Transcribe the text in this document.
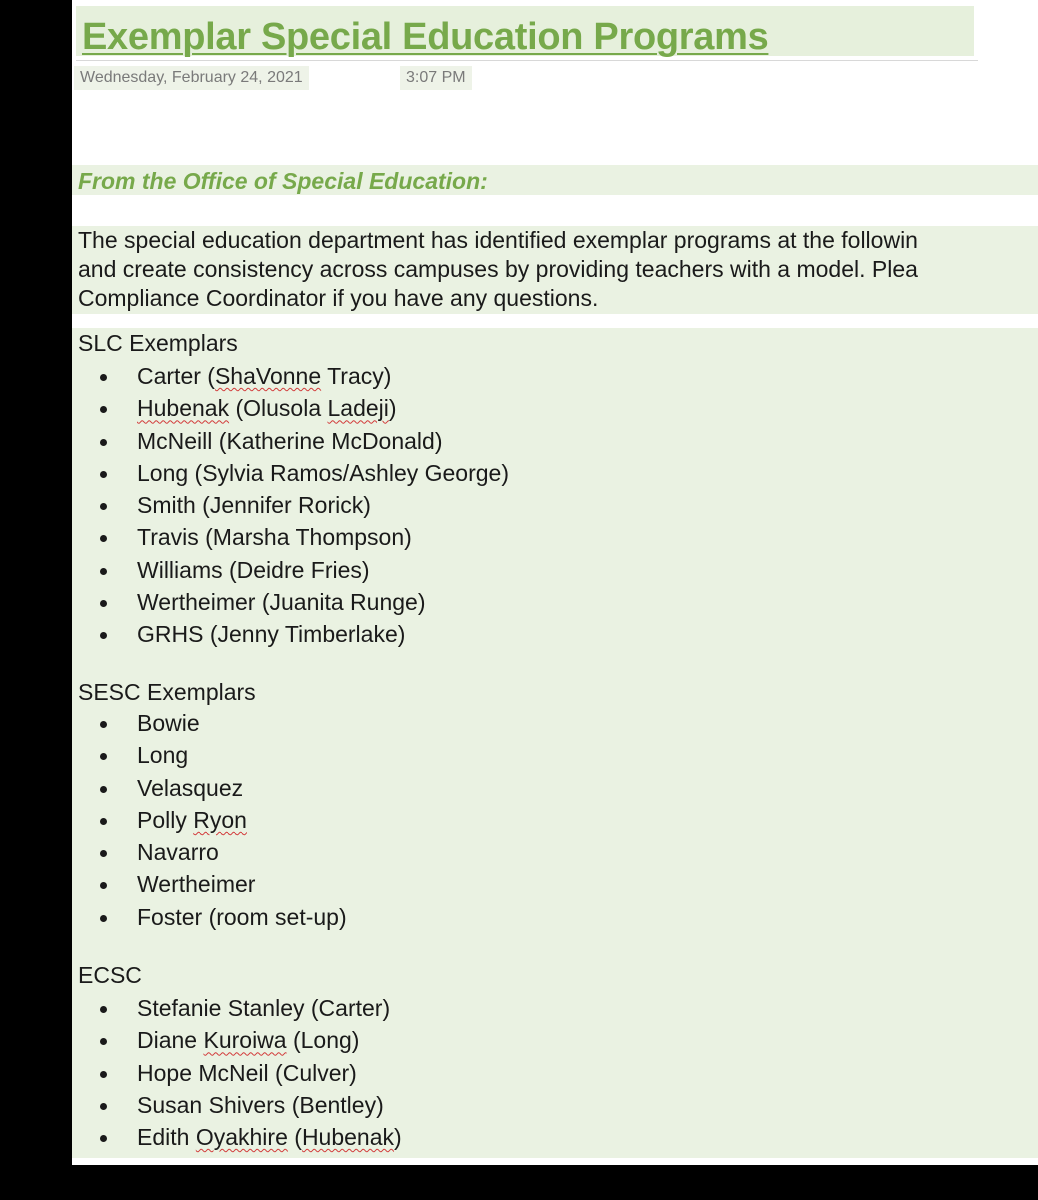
Exemplar Special Education Programs
Wednesday, February 24, 2021	3:07 PM
From the Office of Special Education:
The special education department has identified exemplar programs at the followin
and create consistency across campuses by providing teachers with a model. Plea
Compliance Coordinator if you have any questions.
SLC Exemplars
Carter (ShaVonne Tracy)
Hubenak (Olusola Ladeji)
McNeill (Katherine McDonald)
Long (Sylvia Ramos/Ashley George)
Smith (Jennifer Rorick)
Travis (Marsha Thompson)
Williams (Deidre Fries)
Wertheimer (Juanita Runge)
GRHS (Jenny Timberlake)
SESC Exemplars
Bowie
Long
Velasquez
Polly Ryon
Navarro
Wertheimer
Foster (room set-up)
ECSC
Stefanie Stanley (Carter)
Diane Kuroiwa (Long)
Hope McNeil (Culver)
Susan Shivers (Bentley)
Edith Oyakhire (Hubenak)
